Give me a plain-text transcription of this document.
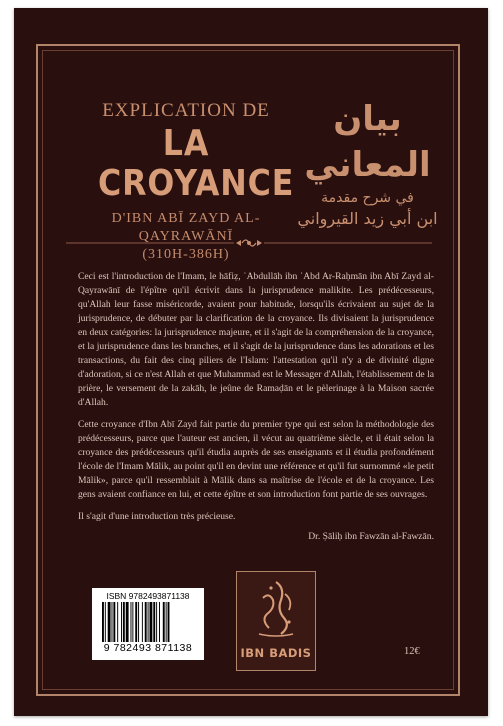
EXPLICATION DE
LA CROYANCE
D'IBN ABĪ ZAYD AL-QAYRAWĀNĪ
(310H-386H)
بيان المعاني
في شرح مقدمة
ابن أبي زيد القيرواني

Ceci est l'introduction de l'Imam, le hāfiẓ, ʿAbdullāh ibn ʿAbd Ar-Raḥmān ibn Abī Zayd al-Qayrawānī de l'épître qu'il écrivit dans la jurisprudence malikite. Les prédécesseurs, qu'Allah leur fasse miséricorde, avaient pour habitude, lorsqu'ils écrivaient au sujet de la jurisprudence, de débuter par la clarification de la croyance. Ils divisaient la jurisprudence en deux catégories: la jurisprudence majeure, et il s'agit de la compréhension de la croyance, et la jurisprudence dans les branches, et il s'agit de la jurisprudence dans les adorations et les transactions, du fait des cinq piliers de l'Islam: l'attestation qu'il n'y a de divinité digne d'adoration, si ce n'est Allah et que Muhammad est le Messager d'Allah, l'établissement de la prière, le versement de la zakāh, le jeûne de Ramaḍān et le pèlerinage à la Maison sacrée d'Allah.

Cette croyance d'Ibn Abī Zayd fait partie du premier type qui est selon la méthodologie des prédécesseurs, parce que l'auteur est ancien, il vécut au quatrième siècle, et il était selon la croyance des prédécesseurs qu'il étudia auprès de ses enseignants et il étudia profondément l'école de l'Imam Mālik, au point qu'il en devint une référence et qu'il fut surnommé «le petit Mālik», parce qu'il ressemblait à Mālik dans sa maîtrise de l'école et de la croyance. Les gens avaient confiance en lui, et cette épître et son introduction font partie de ses ouvrages.

Il s'agit d'une introduction très précieuse.

Dr. Ṣāliḥ ibn Fawzān al-Fawzān.
ISBN 9782493871138
9 782493 871138	IBN BADIS	12€
